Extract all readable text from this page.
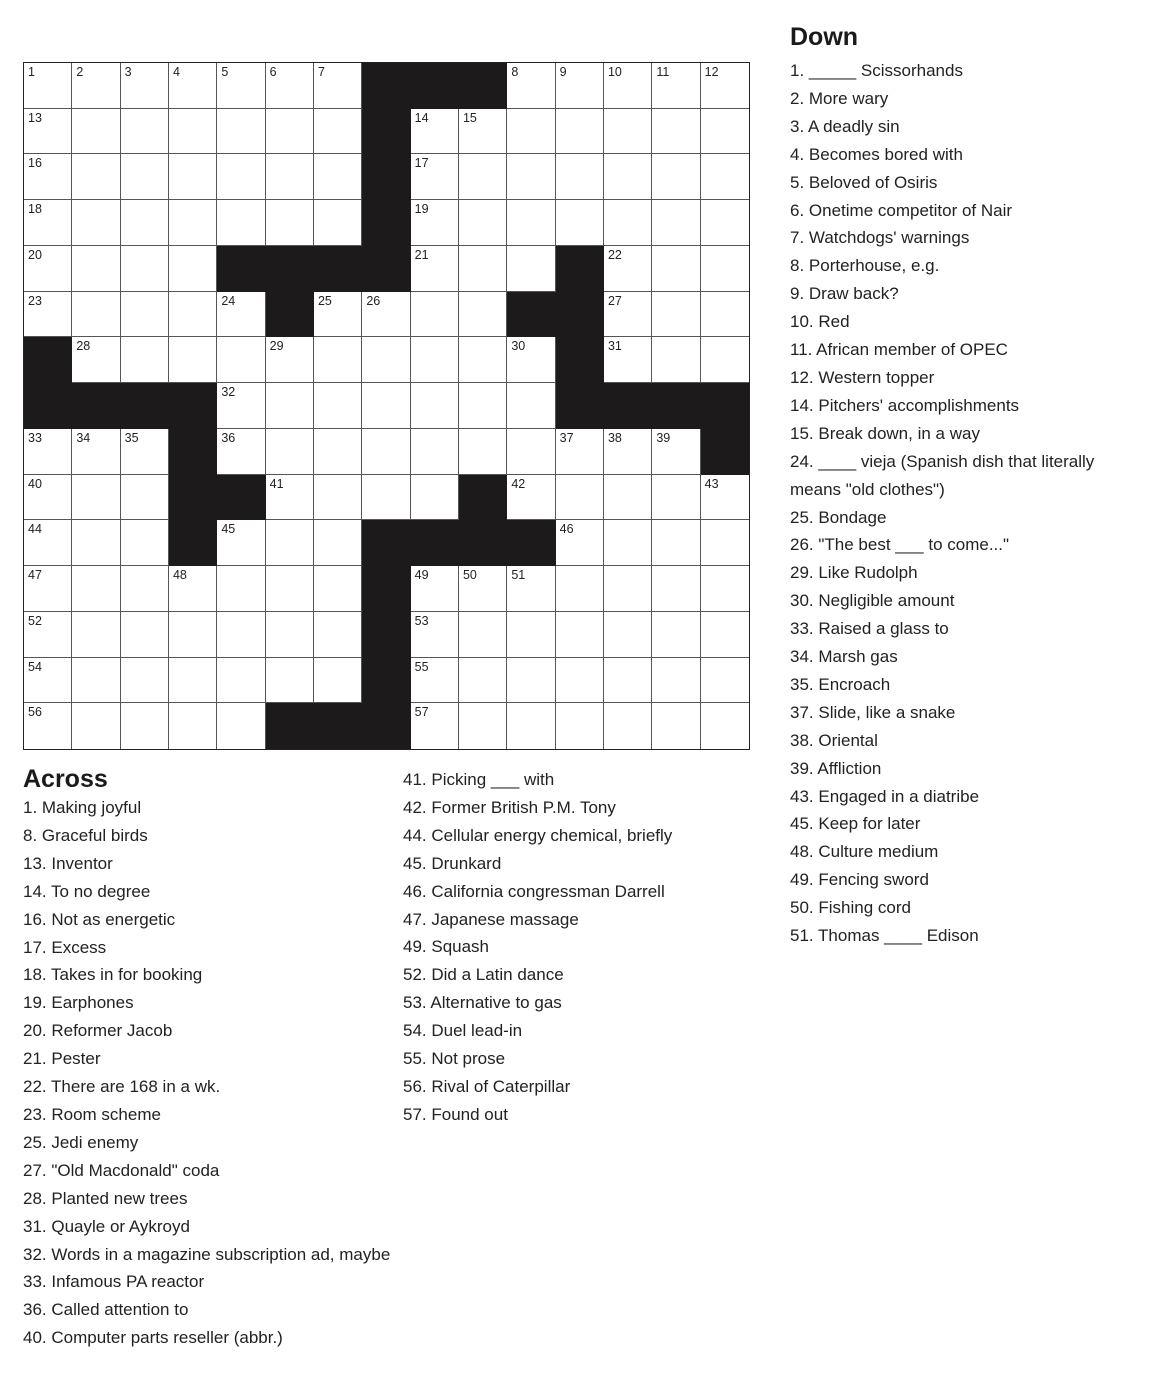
1	2	3	4	5	6	7	8	9	10	11	12
13	14	15
16	17
18	19
20	21	22
23	24	25	26	27
28	29	30	31
32
33	34	35	36	37	38	39
40	41	42	43
44	45	46
47	48	49	50	51
52	53
54	55
56	57
Down
1. _____ Scissorhands
2. More wary
3. A deadly sin
4. Becomes bored with
5. Beloved of Osiris
6. Onetime competitor of Nair
7. Watchdogs' warnings
8. Porterhouse, e.g.
9. Draw back?
10. Red
11. African member of OPEC
12. Western topper
14. Pitchers' accomplishments
15. Break down, in a way
24. ____ vieja (Spanish dish that literally means "old clothes")
25. Bondage
26. "The best ___ to come..."
29. Like Rudolph
30. Negligible amount
33. Raised a glass to
34. Marsh gas
35. Encroach
37. Slide, like a snake
38. Oriental
39. Affliction
43. Engaged in a diatribe
45. Keep for later
48. Culture medium
49. Fencing sword
50. Fishing cord
51. Thomas ____ Edison
Across
1. Making joyful
8. Graceful birds
13. Inventor
14. To no degree
16. Not as energetic
17. Excess
18. Takes in for booking
19. Earphones
20. Reformer Jacob
21. Pester
22. There are 168 in a wk.
23. Room scheme
25. Jedi enemy
27. "Old Macdonald" coda
28. Planted new trees
31. Quayle or Aykroyd
32. Words in a magazine subscription ad, maybe
33. Infamous PA reactor
36. Called attention to
40. Computer parts reseller (abbr.)
41. Picking ___ with
42. Former British P.M. Tony
44. Cellular energy chemical, briefly
45. Drunkard
46. California congressman Darrell
47. Japanese massage
49. Squash
52. Did a Latin dance
53. Alternative to gas
54. Duel lead-in
55. Not prose
56. Rival of Caterpillar
57. Found out
